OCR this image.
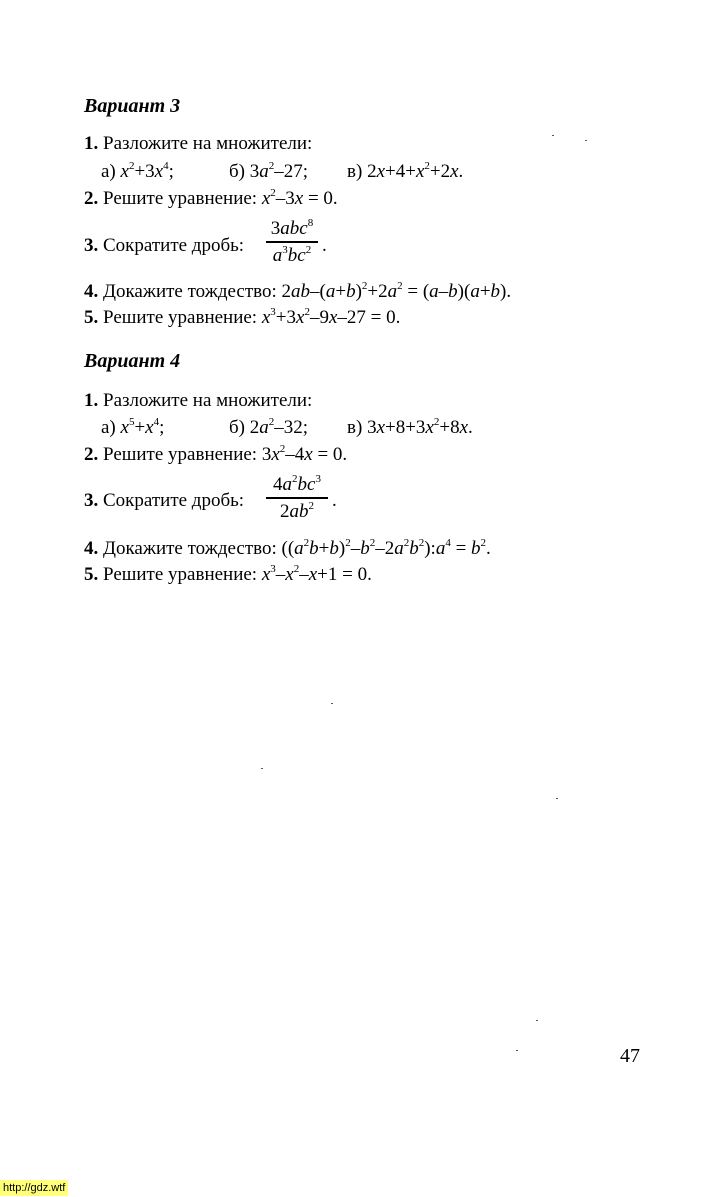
Вариант 3
1. Разложите на множители:
а) $x^2+3x^4$;	б) $3a^2-27$; в) $2x+4+x^2+2x$.
2. Решите уравнение: $x^2-3x = 0$.
3. Сократите дробь:
3abc$^8$
$a^3bc^2$ .
4. Докажите тождество: $2ab-(a+b)^2+2a^2 = (a-b)(a+b)$.
5. Решите уравнение: $x^3+3x^2-9x-27 = 0$.
Вариант 4
1. Разложите на множители:
а) $x^5+x^4$;	б) $2a^2-32$; в) $3x+8+3x^2+8x$.
2. Решите уравнение: $3x^2-4x = 0$.
3. Сократите дробь:
$4a^2bc^3$
$2ab^2$ .
4. Докажите тождество: $((a^2b+b)^2-b^2-2a^2b^2):a^4 = b^2$.
5. Решите уравнение: $x^3-x^2-x+1 = 0$.
47
http://gdz.wtf
